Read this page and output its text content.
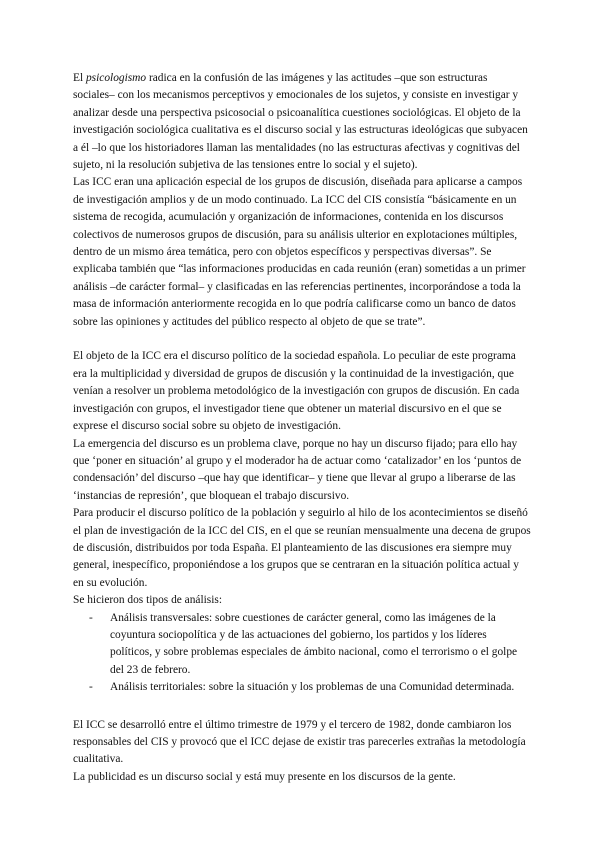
El psicologismo radica en la confusión de las imágenes y las actitudes –que son estructuras sociales– con los mecanismos perceptivos y emocionales de los sujetos, y consiste en investigar y analizar desde una perspectiva psicosocial o psicoanalítica cuestiones sociológicas. El objeto de la investigación sociológica cualitativa es el discurso social y las estructuras ideológicas que subyacen a él –lo que los historiadores llaman las mentalidades (no las estructuras afectivas y cognitivas del sujeto, ni la resolución subjetiva de las tensiones entre lo social y el sujeto).

Las ICC eran una aplicación especial de los grupos de discusión, diseñada para aplicarse a campos de investigación amplios y de un modo continuado. La ICC del CIS consistía “básicamente en un sistema de recogida, acumulación y organización de informaciones, contenida en los discursos colectivos de numerosos grupos de discusión, para su análisis ulterior en explotaciones múltiples, dentro de un mismo área temática, pero con objetos específicos y perspectivas diversas”. Se explicaba también que “las informaciones producidas en cada reunión (eran) sometidas a un primer análisis –de carácter formal– y clasificadas en las referencias pertinentes, incorporándose a toda la masa de información anteriormente recogida en lo que podría calificarse como un banco de datos sobre las opiniones y actitudes del público respecto al objeto de que se trate”.

El objeto de la ICC era el discurso político de la sociedad española. Lo peculiar de este programa era la multiplicidad y diversidad de grupos de discusión y la continuidad de la investigación, que venían a resolver un problema metodológico de la investigación con grupos de discusión. En cada investigación con grupos, el investigador tiene que obtener un material discursivo en el que se exprese el discurso social sobre su objeto de investigación.

La emergencia del discurso es un problema clave, porque no hay un discurso fijado; para ello hay que ‘poner en situación’ al grupo y el moderador ha de actuar como ‘catalizador’ en los ‘puntos de condensación’ del discurso –que hay que identificar– y tiene que llevar al grupo a liberarse de las ‘instancias de represión’, que bloquean el trabajo discursivo.

Para producir el discurso político de la población y seguirlo al hilo de los acontecimientos se diseñó el plan de investigación de la ICC del CIS, en el que se reunían mensualmente una decena de grupos de discusión, distribuidos por toda España. El planteamiento de las discusiones era siempre muy general, inespecífico, proponiéndose a los grupos que se centraran en la situación política actual y en su evolución.

Se hicieron dos tipos de análisis:

- Análisis transversales: sobre cuestiones de carácter general, como las imágenes de la coyuntura sociopolítica y de las actuaciones del gobierno, los partidos y los líderes políticos, y sobre problemas especiales de ámbito nacional, como el terrorismo o el golpe del 23 de febrero.
- Análisis territoriales: sobre la situación y los problemas de una Comunidad determinada.

El ICC se desarrolló entre el último trimestre de 1979 y el tercero de 1982, donde cambiaron los responsables del CIS y provocó que el ICC dejase de existir tras parecerles extrañas la metodología cualitativa.

La publicidad es un discurso social y está muy presente en los discursos de la gente.
